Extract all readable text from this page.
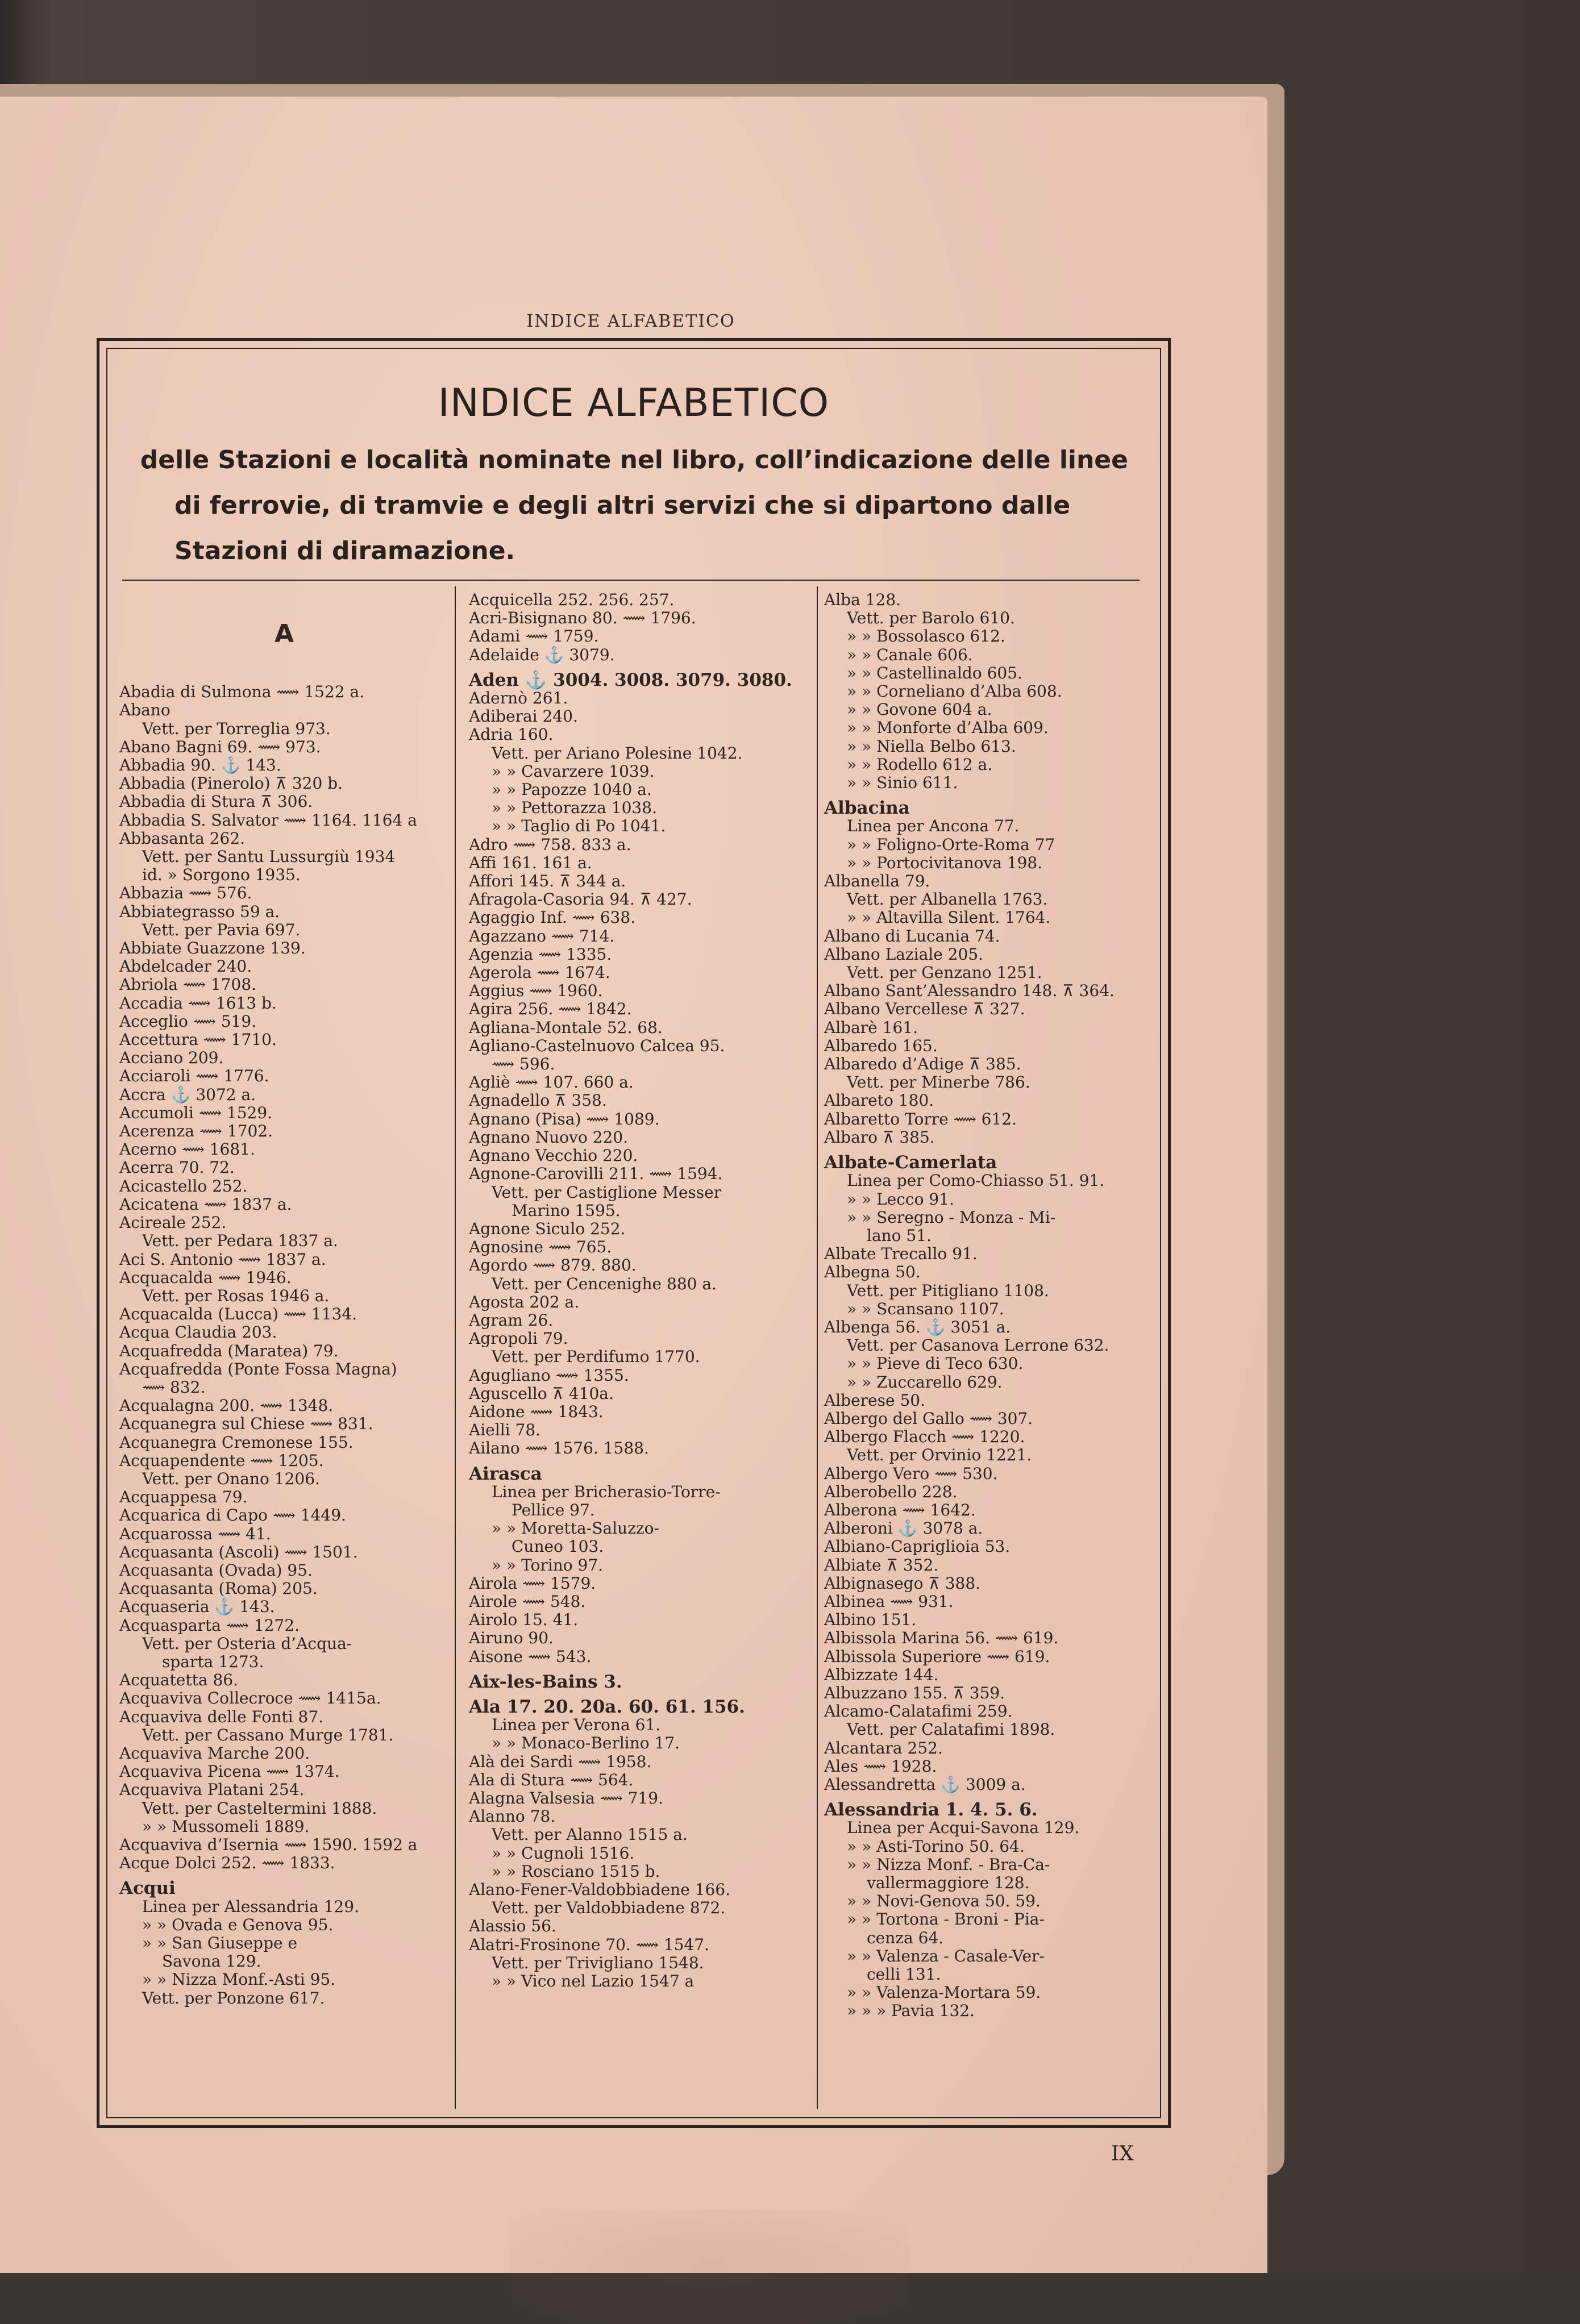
INDICE ALFABETICO
INDICE ALFABETICO
delle Stazioni e località nominate nel libro, coll’indicazione delle linee
di ferrovie, di tramvie e degli altri servizi che si dipartono dalle
Stazioni di diramazione.
A
Abadia di Sulmona ⟿ 1522 a.
Abano
Vett. per Torreglia 973.
Abano Bagni 69. ⟿ 973.
Abbadia 90. ⚓ 143.
Abbadia (Pinerolo) ⊼ 320 b.
Abbadia di Stura ⊼ 306.
Abbadia S. Salvator ⟿ 1164. 1164 a
Abbasanta 262.
Vett. per Santu Lussurgiù 1934
id. » Sorgono 1935.
Abbazia ⟿ 576.
Abbiategrasso 59 a.
Vett. per Pavia 697.
Abbiate Guazzone 139.
Abdelcader 240.
Abriola ⟿ 1708.
Accadia ⟿ 1613 b.
Acceglio ⟿ 519.
Accettura ⟿ 1710.
Acciano 209.
Acciaroli ⟿ 1776.
Accra ⚓ 3072 a.
Accumoli ⟿ 1529.
Acerenza ⟿ 1702.
Acerno ⟿ 1681.
Acerra 70. 72.
Acicastello 252.
Acicatena ⟿ 1837 a.
Acireale 252.
Vett. per Pedara 1837 a.
Aci S. Antonio ⟿ 1837 a.
Acquacalda ⟿ 1946.
Vett. per Rosas 1946 a.
Acquacalda (Lucca) ⟿ 1134.
Acqua Claudia 203.
Acquafredda (Maratea) 79.
Acquafredda (Ponte Fossa Magna)
⟿ 832.
Acqualagna 200. ⟿ 1348.
Acquanegra sul Chiese ⟿ 831.
Acquanegra Cremonese 155.
Acquapendente ⟿ 1205.
Vett. per Onano 1206.
Acquappesa 79.
Acquarica di Capo ⟿ 1449.
Acquarossa ⟿ 41.
Acquasanta (Ascoli) ⟿ 1501.
Acquasanta (Ovada) 95.
Acquasanta (Roma) 205.
Acquaseria ⚓ 143.
Acquasparta ⟿ 1272.
Vett. per Osteria d’Acqua-
sparta 1273.
Acquatetta 86.
Acquaviva Collecroce ⟿ 1415a.
Acquaviva delle Fonti 87.
Vett. per Cassano Murge 1781.
Acquaviva Marche 200.
Acquaviva Picena ⟿ 1374.
Acquaviva Platani 254.
Vett. per Casteltermini 1888.
» » Mussomeli 1889.
Acquaviva d’Isernia ⟿ 1590. 1592 a
Acque Dolci 252. ⟿ 1833.
Acqui
Linea per Alessandria 129.
» » Ovada e Genova 95.
» » San Giuseppe e
Savona 129.
» » Nizza Monf.-Asti 95.
Vett. per Ponzone 617.
Acquicella 252. 256. 257.
Acri-Bisignano 80. ⟿ 1796.
Adami ⟿ 1759.
Adelaide ⚓ 3079.
Aden ⚓ 3004. 3008. 3079. 3080.
Adernò 261.
Adiberai 240.
Adria 160.
Vett. per Ariano Polesine 1042.
» » Cavarzere 1039.
» » Papozze 1040 a.
» » Pettorazza 1038.
» » Taglio di Po 1041.
Adro ⟿ 758. 833 a.
Affi 161. 161 a.
Affori 145. ⊼ 344 a.
Afragola-Casoria 94. ⊼ 427.
Agaggio Inf. ⟿ 638.
Agazzano ⟿ 714.
Agenzia ⟿ 1335.
Agerola ⟿ 1674.
Aggius ⟿ 1960.
Agira 256. ⟿ 1842.
Agliana-Montale 52. 68.
Agliano-Castelnuovo Calcea 95.
⟿ 596.
Agliè ⟿ 107. 660 a.
Agnadello ⊼ 358.
Agnano (Pisa) ⟿ 1089.
Agnano Nuovo 220.
Agnano Vecchio 220.
Agnone-Carovilli 211. ⟿ 1594.
Vett. per Castiglione Messer
Marino 1595.
Agnone Siculo 252.
Agnosine ⟿ 765.
Agordo ⟿ 879. 880.
Vett. per Cencenighe 880 a.
Agosta 202 a.
Agram 26.
Agropoli 79.
Vett. per Perdifumo 1770.
Agugliano ⟿ 1355.
Aguscello ⊼ 410a.
Aidone ⟿ 1843.
Aielli 78.
Ailano ⟿ 1576. 1588.
Airasca
Linea per Bricherasio-Torre-
Pellice 97.
» » Moretta-Saluzzo-
Cuneo 103.
» » Torino 97.
Airola ⟿ 1579.
Airole ⟿ 548.
Airolo 15. 41.
Airuno 90.
Aisone ⟿ 543.
Aix-les-Bains 3.
Ala 17. 20. 20a. 60. 61. 156.
Linea per Verona 61.
» » Monaco-Berlino 17.
Alà dei Sardi ⟿ 1958.
Ala di Stura ⟿ 564.
Alagna Valsesia ⟿ 719.
Alanno 78.
Vett. per Alanno 1515 a.
» » Cugnoli 1516.
» » Rosciano 1515 b.
Alano-Fener-Valdobbiadene 166.
Vett. per Valdobbiadene 872.
Alassio 56.
Alatri-Frosinone 70. ⟿ 1547.
Vett. per Trivigliano 1548.
» » Vico nel Lazio 1547 a
Alba 128.
Vett. per Barolo 610.
» » Bossolasco 612.
» » Canale 606.
» » Castellinaldo 605.
» » Corneliano d’Alba 608.
» » Govone 604 a.
» » Monforte d’Alba 609.
» » Niella Belbo 613.
» » Rodello 612 a.
» » Sinio 611.
Albacina
Linea per Ancona 77.
» » Foligno-Orte-Roma 77
» » Portocivitanova 198.
Albanella 79.
Vett. per Albanella 1763.
» » Altavilla Silent. 1764.
Albano di Lucania 74.
Albano Laziale 205.
Vett. per Genzano 1251.
Albano Sant’Alessandro 148. ⊼ 364.
Albano Vercellese ⊼ 327.
Albarè 161.
Albaredo 165.
Albaredo d’Adige ⊼ 385.
Vett. per Minerbe 786.
Albareto 180.
Albaretto Torre ⟿ 612.
Albaro ⊼ 385.
Albate-Camerlata
Linea per Como-Chiasso 51. 91.
» » Lecco 91.
» » Seregno - Monza - Mi-
lano 51.
Albate Trecallo 91.
Albegna 50.
Vett. per Pitigliano 1108.
» » Scansano 1107.
Albenga 56. ⚓ 3051 a.
Vett. per Casanova Lerrone 632.
» » Pieve di Teco 630.
» » Zuccarello 629.
Alberese 50.
Albergo del Gallo ⟿ 307.
Albergo Flacch ⟿ 1220.
Vett. per Orvinio 1221.
Albergo Vero ⟿ 530.
Alberobello 228.
Alberona ⟿ 1642.
Alberoni ⚓ 3078 a.
Albiano-Capriglioia 53.
Albiate ⊼ 352.
Albignasego ⊼ 388.
Albinea ⟿ 931.
Albino 151.
Albissola Marina 56. ⟿ 619.
Albissola Superiore ⟿ 619.
Albizzate 144.
Albuzzano 155. ⊼ 359.
Alcamo-Calatafimi 259.
Vett. per Calatafimi 1898.
Alcantara 252.
Ales ⟿ 1928.
Alessandretta ⚓ 3009 a.
Alessandria 1. 4. 5. 6.
Linea per Acqui-Savona 129.
» » Asti-Torino 50. 64.
» » Nizza Monf. - Bra-Ca-
vallermaggiore 128.
» » Novi-Genova 50. 59.
» » Tortona - Broni - Pia-
cenza 64.
» » Valenza - Casale-Ver-
celli 131.
» » Valenza-Mortara 59.
» » » Pavia 132.
IX
